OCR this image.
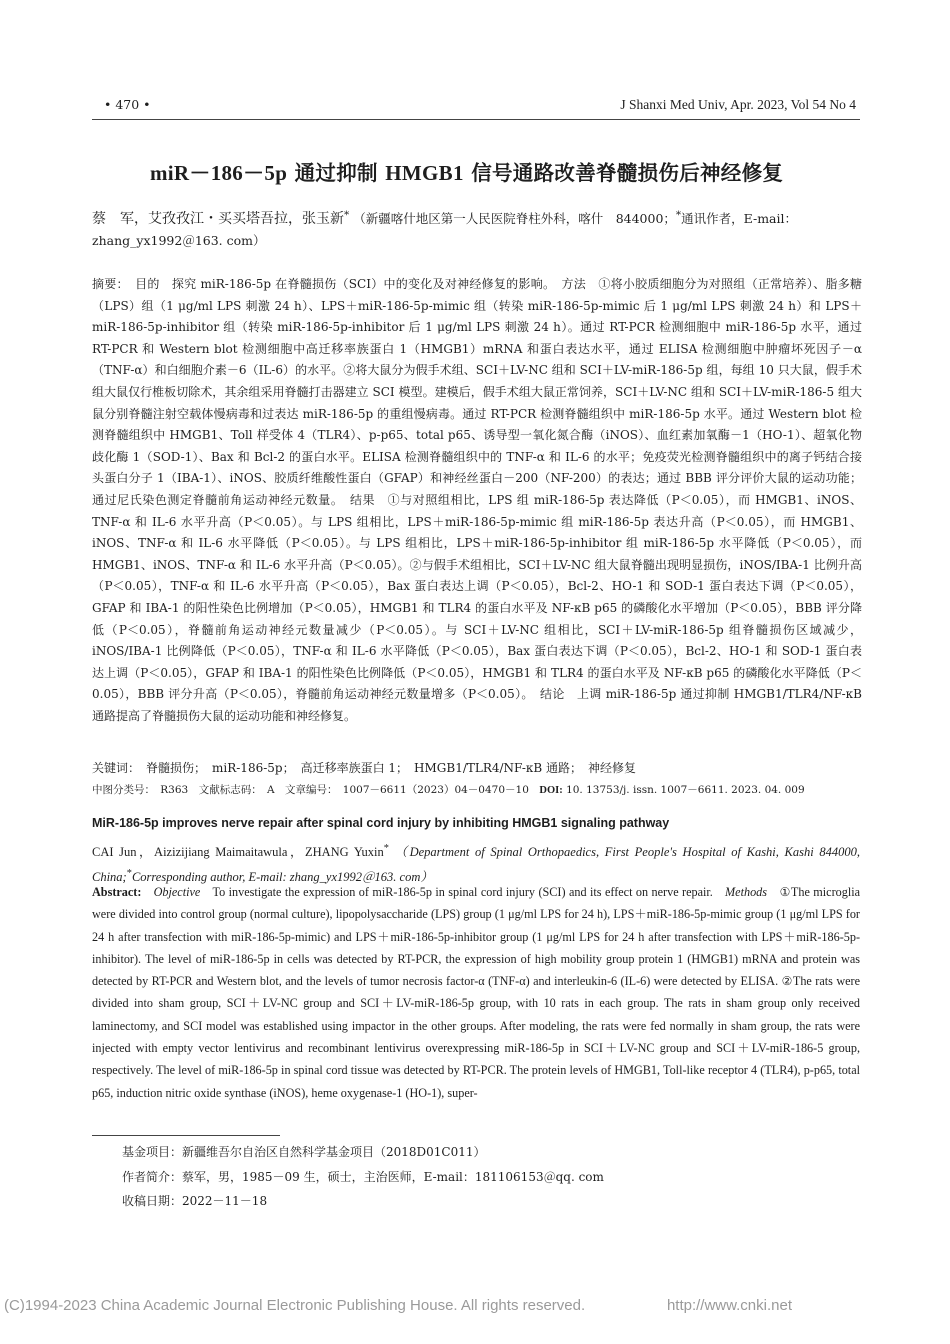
• 470 •	J Shanxi Med Univ, Apr. 2023, Vol 54 No 4
miR－186－5p 通过抑制 HMGB1 信号通路改善脊髓损伤后神经修复
蔡　军，艾孜孜江・买买塔吾拉，张玉新* （新疆喀什地区第一人民医院脊柱外科，喀什　844000；*通讯作者，E-mail：zhang_yx1992＠163. com）
摘要：　目的　探究 miR-186-5p 在脊髓损伤（SCI）中的变化及对神经修复的影响。　方法　①将小胶质细胞分为对照组（正常培养）、脂多糖（LPS）组（1 μg/ml LPS 刺激 24 h）、LPS＋miR-186-5p-mimic 组（转染 miR-186-5p-mimic 后 1 μg/ml LPS 刺激 24 h）和 LPS＋miR-186-5p-inhibitor 组（转染 miR-186-5p-inhibitor 后 1 μg/ml LPS 刺激 24 h）。通过 RT-PCR 检测细胞中 miR-186-5p 水平，通过 RT-PCR 和 Western blot 检测细胞中高迁移率族蛋白 1（HMGB1）mRNA 和蛋白表达水平，通过 ELISA 检测细胞中肿瘤坏死因子－α（TNF-α）和白细胞介素－6（IL-6）的水平。②将大鼠分为假手术组、SCI＋LV-NC 组和 SCI＋LV-miR-186-5p 组，每组 10 只大鼠，假手术组大鼠仅行椎板切除术，其余组采用脊髓打击器建立 SCI 模型。建模后，假手术组大鼠正常饲养，SCI＋LV-NC 组和 SCI＋LV-miR-186-5 组大鼠分别脊髓注射空载体慢病毒和过表达 miR-186-5p 的重组慢病毒。通过 RT-PCR 检测脊髓组织中 miR-186-5p 水平。通过 Western blot 检测脊髓组织中 HMGB1、Toll 样受体 4（TLR4）、p-p65、total p65、诱导型一氧化氮合酶（iNOS）、血红素加氧酶－1（HO-1）、超氧化物歧化酶 1（SOD-1）、Bax 和 Bcl-2 的蛋白水平。ELISA 检测脊髓组织中的 TNF-α 和 IL-6 的水平；免疫荧光检测脊髓组织中的离子钙结合接头蛋白分子 1（IBA-1）、iNOS、胶质纤维酸性蛋白（GFAP）和神经丝蛋白－200（NF-200）的表达；通过 BBB 评分评价大鼠的运动功能；通过尼氏染色测定脊髓前角运动神经元数量。　结果　①与对照组相比，LPS 组 miR-186-5p 表达降低（P＜0.05），而 HMGB1、iNOS、TNF-α 和 IL-6 水平升高（P＜0.05）。与 LPS 组相比，LPS＋miR-186-5p-mimic 组 miR-186-5p 表达升高（P＜0.05），而 HMGB1、iNOS、TNF-α 和 IL-6 水平降低（P＜0.05）。与 LPS 组相比，LPS＋miR-186-5p-inhibitor 组 miR-186-5p 水平降低（P＜0.05），而 HMGB1、iNOS、TNF-α 和 IL-6 水平升高（P＜0.05）。②与假手术组相比，SCI＋LV-NC 组大鼠脊髓出现明显损伤，iNOS/IBA-1 比例升高（P＜0.05），TNF-α 和 IL-6 水平升高（P＜0.05），Bax 蛋白表达上调（P＜0.05），Bcl-2、HO-1 和 SOD-1 蛋白表达下调（P＜0.05），GFAP 和 IBA-1 的阳性染色比例增加（P＜0.05），HMGB1 和 TLR4 的蛋白水平及 NF-κB p65 的磷酸化水平增加（P＜0.05），BBB 评分降低（P＜0.05），脊髓前角运动神经元数量减少（P＜0.05）。与 SCI＋LV-NC 组相比，SCI＋LV-miR-186-5p 组脊髓损伤区域减少，iNOS/IBA-1 比例降低（P＜0.05），TNF-α 和 IL-6 水平降低（P＜0.05），Bax 蛋白表达下调（P＜0.05），Bcl-2、HO-1 和 SOD-1 蛋白表达上调（P＜0.05），GFAP 和 IBA-1 的阳性染色比例降低（P＜0.05），HMGB1 和 TLR4 的蛋白水平及 NF-κB p65 的磷酸化水平降低（P＜0.05），BBB 评分升高（P＜0.05），脊髓前角运动神经元数量增多（P＜0.05）。　结论　上调 miR-186-5p 通过抑制 HMGB1/TLR4/NF-κB 通路提高了脊髓损伤大鼠的运动功能和神经修复。
关键词：　脊髓损伤；　miR-186-5p；　高迁移率族蛋白 1；　HMGB1/TLR4/NF-κB 通路；　神经修复
中图分类号：　R363　文献标志码：　A　文章编号：　1007－6611（2023）04－0470－10　DOI: 10. 13753/j. issn. 1007－6611. 2023. 04. 009
MiR-186-5p improves nerve repair after spinal cord injury by inhibiting HMGB1 signaling pathway
CAI Jun，Aizizijiang Maimaitawula，ZHANG Yuxin* （Department of Spinal Orthopaedics, First People's Hospital of Kashi, Kashi 844000, China;*Corresponding author, E-mail: zhang_yx1992＠163. com）
Abstract:  Objective  To investigate the expression of miR-186-5p in spinal cord injury (SCI) and its effect on nerve repair.  Methods  ①The microglia were divided into control group (normal culture), lipopolysaccharide (LPS) group (1 μg/ml LPS for 24 h), LPS＋miR-186-5p-mimic group (1 μg/ml LPS for 24 h after transfection with miR-186-5p-mimic) and LPS＋miR-186-5p-inhibitor group (1 μg/ml LPS for 24 h after transfection with LPS＋miR-186-5p-inhibitor). The level of miR-186-5p in cells was detected by RT-PCR, the expression of high mobility group protein 1 (HMGB1) mRNA and protein was detected by RT-PCR and Western blot, and the levels of tumor necrosis factor-α (TNF-α) and interleukin-6 (IL-6) were detected by ELISA. ②The rats were divided into sham group, SCI＋LV-NC group and SCI＋LV-miR-186-5p group, with 10 rats in each group. The rats in sham group only received laminectomy, and SCI model was established using impactor in the other groups. After modeling, the rats were fed normally in sham group, the rats were injected with empty vector lentivirus and recombinant lentivirus overexpressing miR-186-5p in SCI＋LV-NC group and SCI＋LV-miR-186-5 group, respectively. The level of miR-186-5p in spinal cord tissue was detected by RT-PCR. The protein levels of HMGB1, Toll-like receptor 4 (TLR4), p-p65, total p65, induction nitric oxide synthase (iNOS), heme oxygenase-1 (HO-1), super-
基金项目：新疆维吾尔自治区自然科学基金项目（2018D01C011）
作者简介：蔡军，男，1985－09 生，硕士，主治医师，E-mail：181106153＠qq. com
收稿日期：2022－11－18
(C)1994-2023 China Academic Journal Electronic Publishing House. All rights reserved.	http://www.cnki.net
